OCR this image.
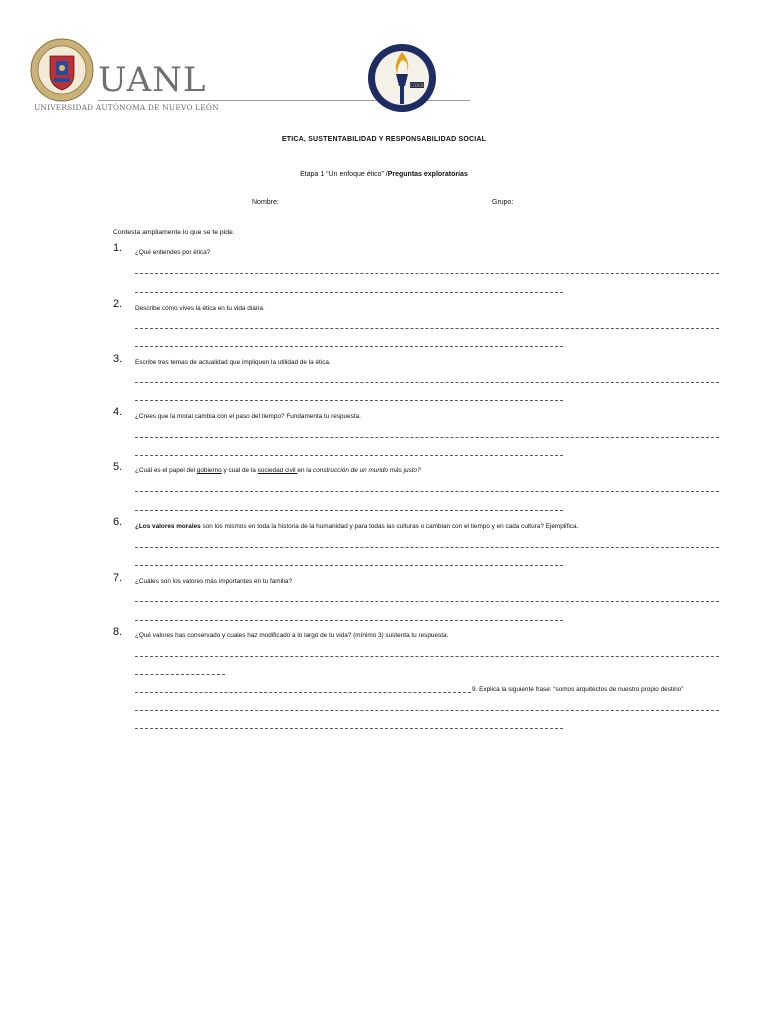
UANL
UNIVERSIDAD AUTÓNOMA DE NUEVO LEÓN
CIDEB
ETICA, SUSTENTABILIDAD Y RESPONSABILIDAD SOCIAL
Etapa 1 “Un enfoque ético” /Preguntas exploratorias
Nombre:	Grupo:
Contesta ampliamente lo que se te pide.
1. ¿Qué entiendes por ética?
2. Describe cómo vives la ética en tu vida diaria.
3. Escribe tres temas de actualidad que impliquen la utilidad de la ética.
4. ¿Crees que la moral cambia con el paso del tiempo? Fundamenta tu respuesta.
5. ¿Cuál es el papel del gobierno y cual de la sociedad civil en la construcción de un mundo más justo?
6. ¿Los valores morales son los mismos en toda la historia de la humanidad y para todas las culturas o cambian con el tiempo y en cada cultura? Ejemplifica.
7. ¿Cuáles son los valores más importantes en tu familia?
8. ¿Qué valores has conservado y cuales haz modificado a lo largo de tu vida? (mínimo 3) sustenta tu respuesta.
9. Explica la siguiente frase: “somos arquitectos de nuestro propio destino”
